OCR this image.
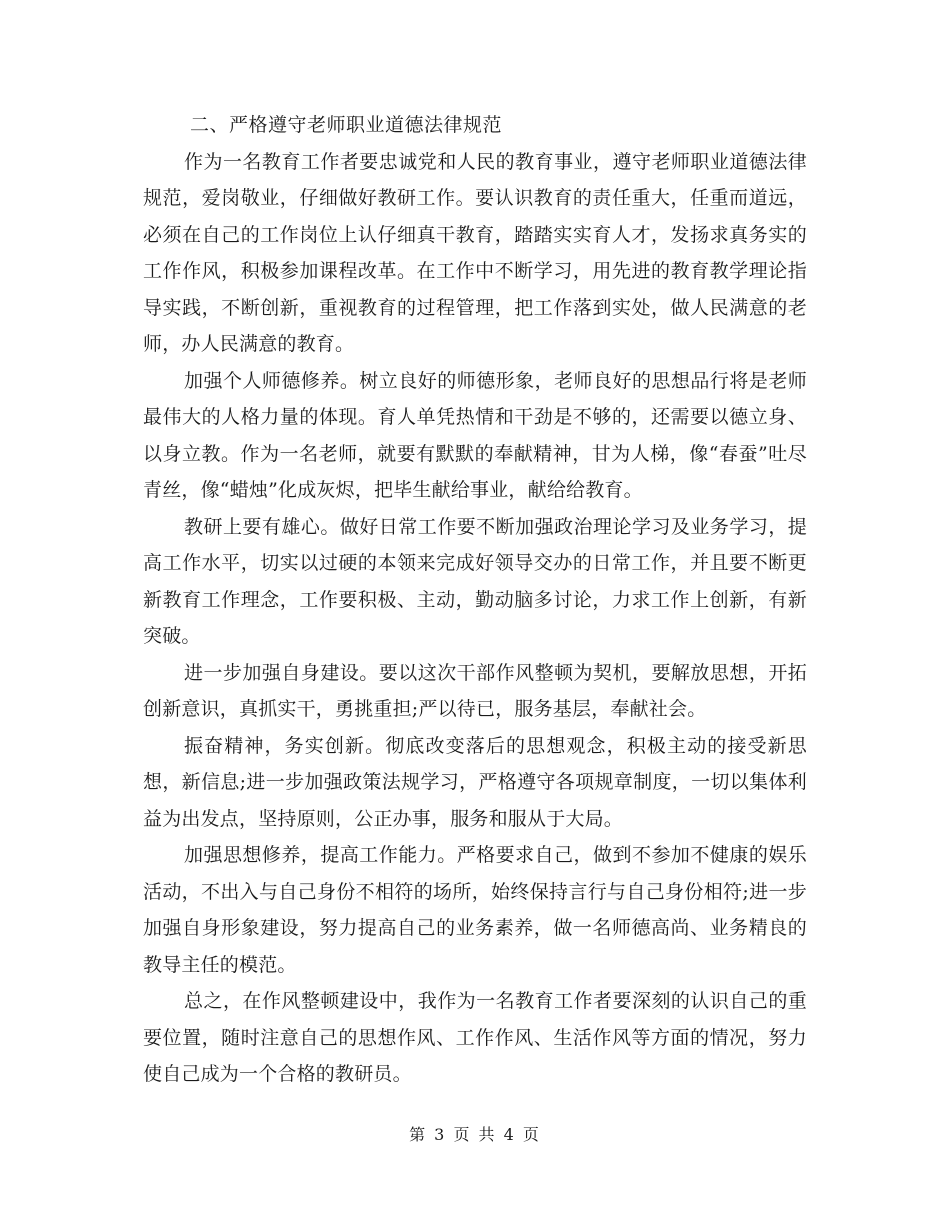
二、严格遵守老师职业道德法律规范

作为一名教育工作者要忠诚党和人民的教育事业，遵守老师职业道德法律规范，爱岗敬业，仔细做好教研工作。要认识教育的责任重大，任重而道远，必须在自己的工作岗位上认仔细真干教育，踏踏实实育人才，发扬求真务实的工作作风，积极参加课程改革。在工作中不断学习，用先进的教育教学理论指导实践，不断创新，重视教育的过程管理，把工作落到实处，做人民满意的老师，办人民满意的教育。

加强个人师德修养。树立良好的师德形象，老师良好的思想品行将是老师最伟大的人格力量的体现。育人单凭热情和干劲是不够的，还需要以德立身、以身立教。作为一名老师，就要有默默的奉献精神，甘为人梯，像“春蚕”吐尽青丝，像“蜡烛”化成灰烬，把毕生献给事业，献给给教育。

教研上要有雄心。做好日常工作要不断加强政治理论学习及业务学习，提高工作水平，切实以过硬的本领来完成好领导交办的日常工作，并且要不断更新教育工作理念，工作要积极、主动，勤动脑多讨论，力求工作上创新，有新突破。

进一步加强自身建设。要以这次干部作风整顿为契机，要解放思想，开拓创新意识，真抓实干，勇挑重担;严以待已，服务基层，奉献社会。

振奋精神，务实创新。彻底改变落后的思想观念，积极主动的接受新思想，新信息;进一步加强政策法规学习，严格遵守各项规章制度，一切以集体利益为出发点，坚持原则，公正办事，服务和服从于大局。

加强思想修养，提高工作能力。严格要求自己，做到不参加不健康的娱乐活动，不出入与自己身份不相符的场所，始终保持言行与自己身份相符;进一步加强自身形象建设，努力提高自己的业务素养，做一名师德高尚、业务精良的教导主任的模范。

总之，在作风整顿建设中，我作为一名教育工作者要深刻的认识自己的重要位置，随时注意自己的思想作风、工作作风、生活作风等方面的情况，努力使自己成为一个合格的教研员。

第 3 页 共 4 页
